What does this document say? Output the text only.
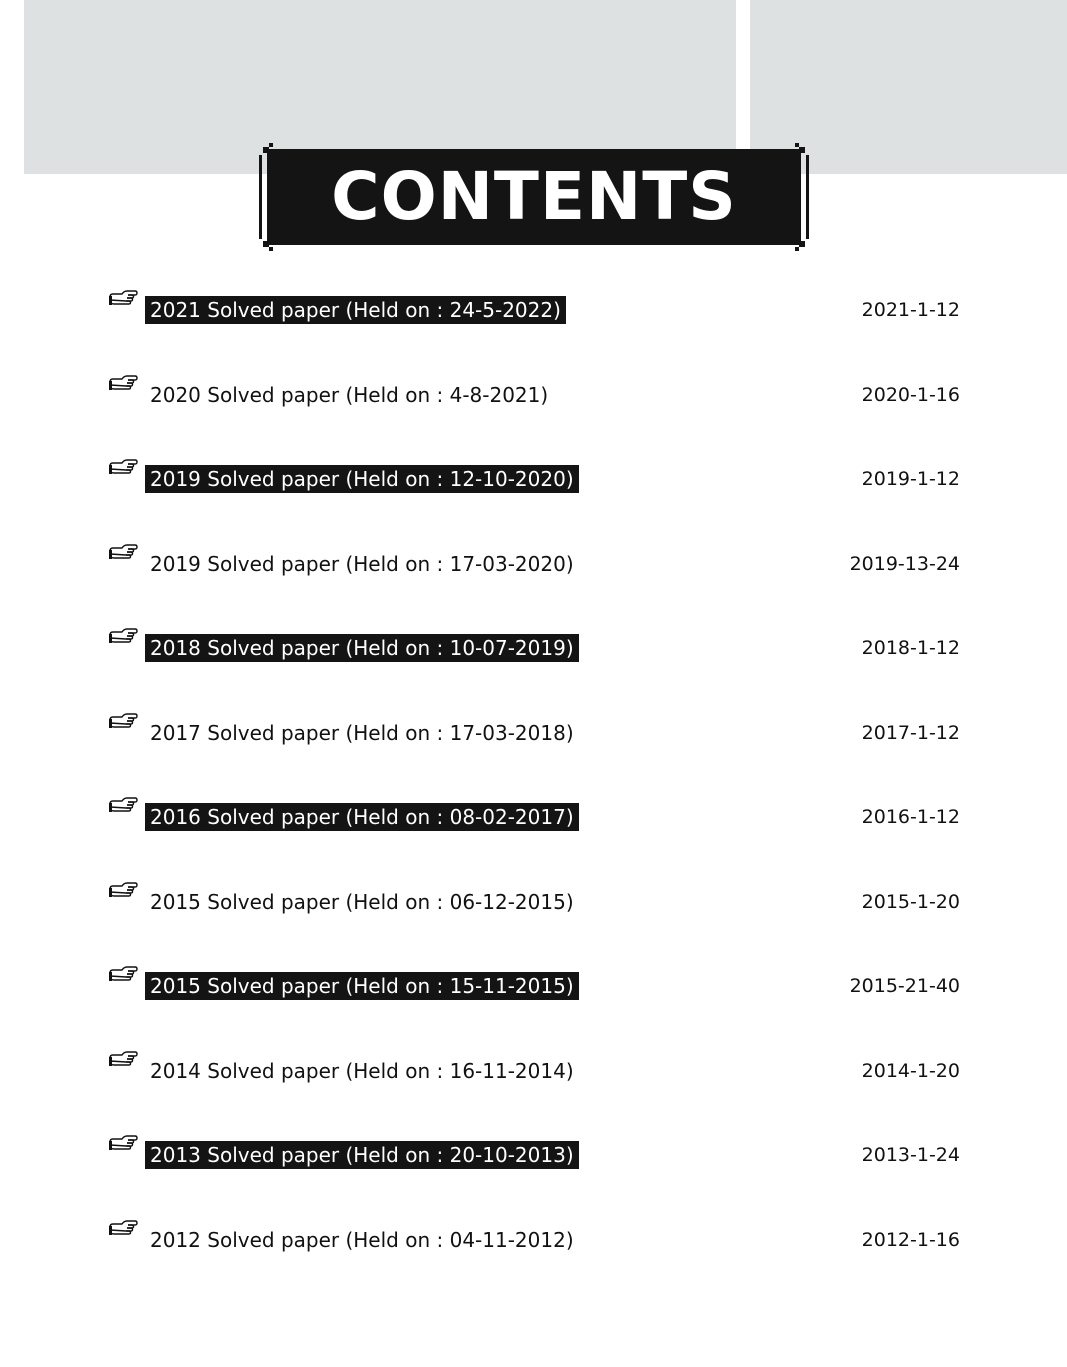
CONTENTS
2021 Solved paper (Held on : 24-5-2022)	2021-1-12
2020 Solved paper (Held on : 4-8-2021)	2020-1-16
2019 Solved paper (Held on : 12-10-2020)	2019-1-12
2019 Solved paper (Held on : 17-03-2020)	2019-13-24
2018 Solved paper (Held on : 10-07-2019)	2018-1-12
2017 Solved paper (Held on : 17-03-2018)	2017-1-12
2016 Solved paper (Held on : 08-02-2017)	2016-1-12
2015 Solved paper (Held on : 06-12-2015)	2015-1-20
2015 Solved paper (Held on : 15-11-2015)	2015-21-40
2014 Solved paper (Held on : 16-11-2014)	2014-1-20
2013 Solved paper (Held on : 20-10-2013)	2013-1-24
2012 Solved paper (Held on : 04-11-2012)	2012-1-16
